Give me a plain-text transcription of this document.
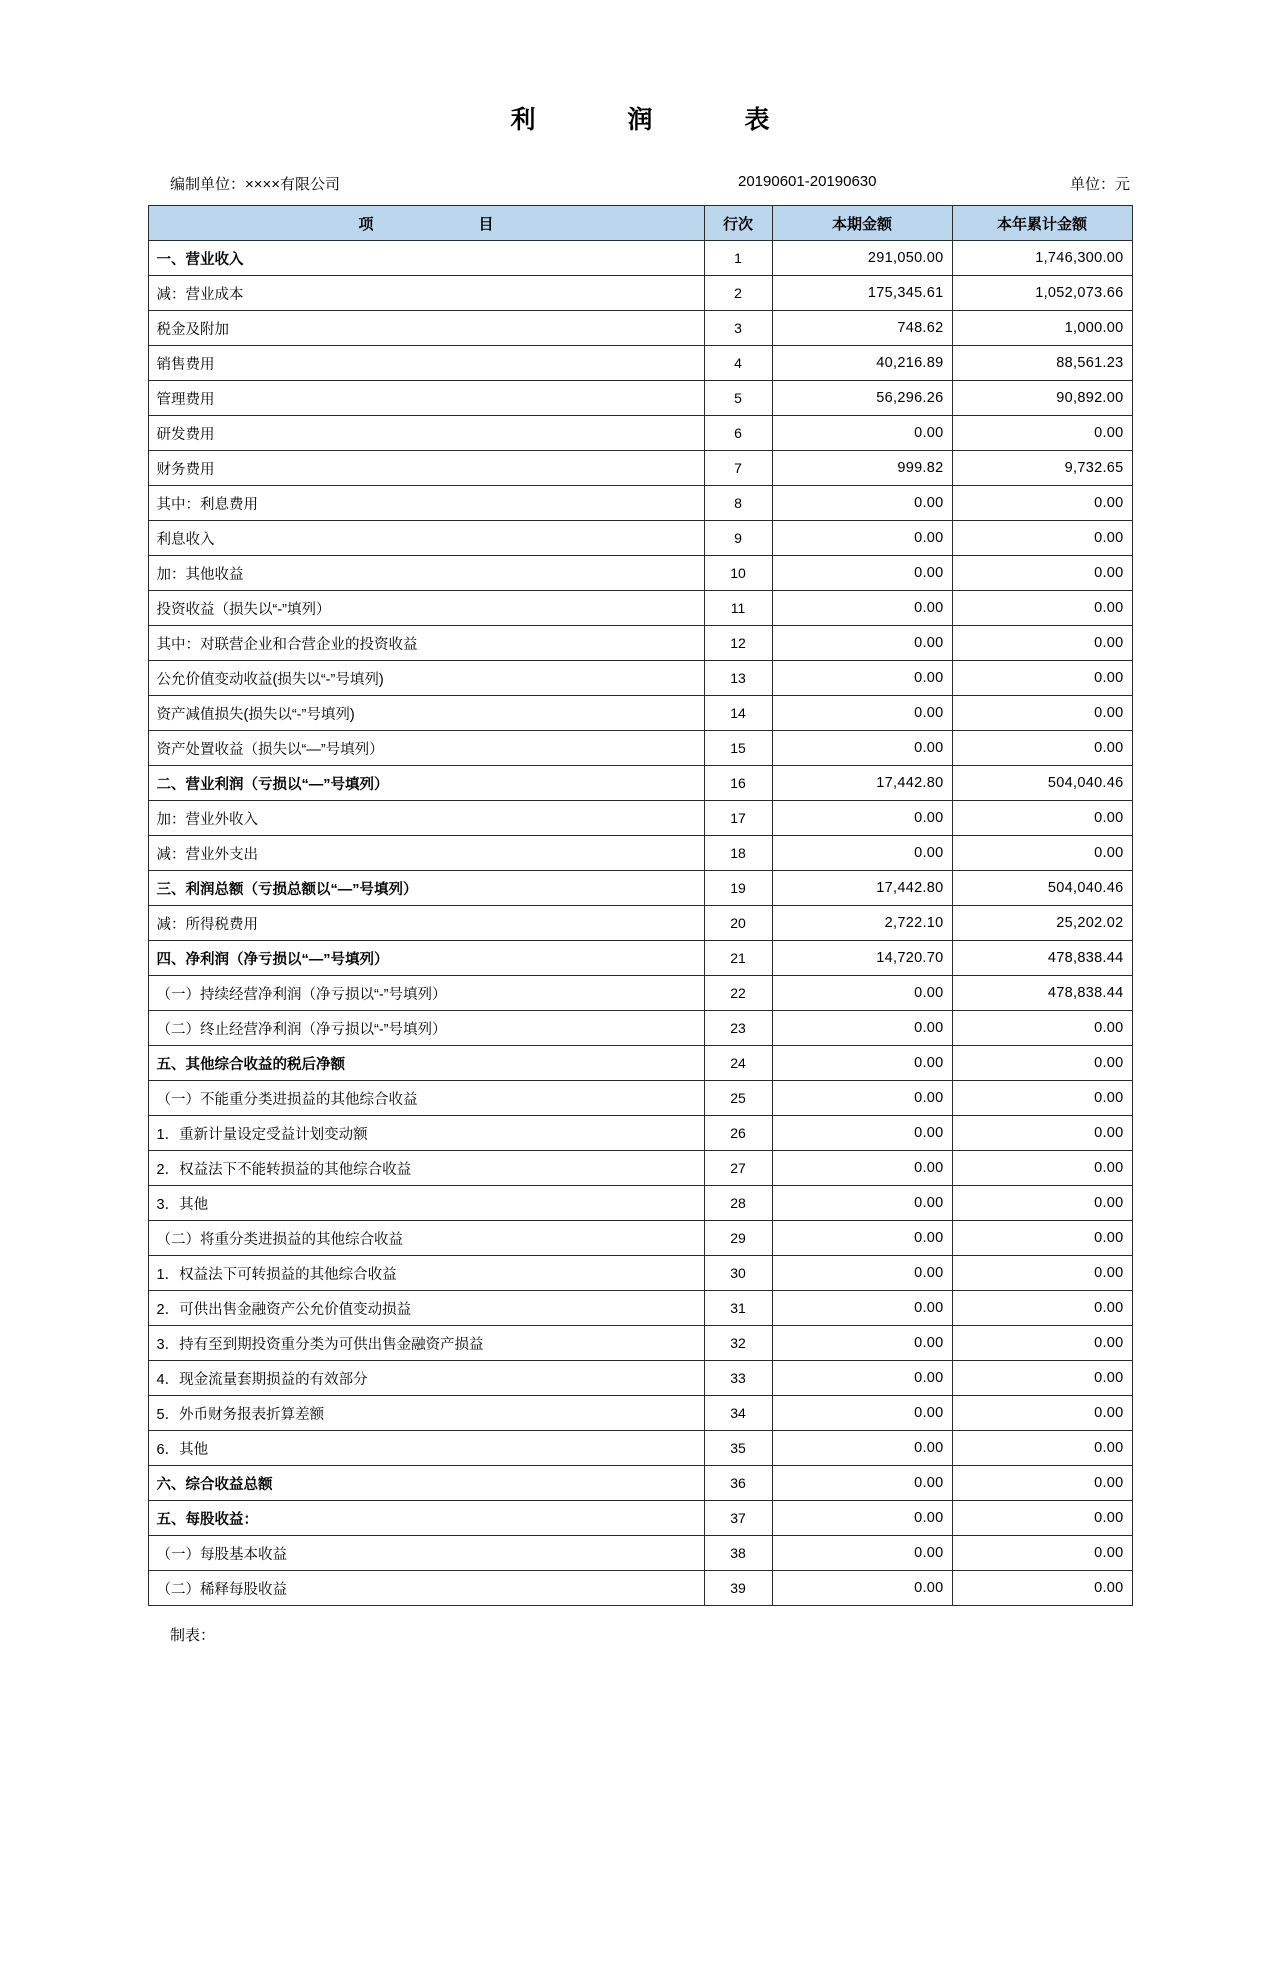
利　　润　　表
编制单位：××××有限公司	20190601-20190630	单位：元
项　　　　　　　目	行次	本期金额	本年累计金额
一、营业收入	1	291,050.00	1,746,300.00
减：营业成本	2	175,345.61	1,052,073.66
税金及附加	3	748.62	1,000.00
销售费用	4	40,216.89	88,561.23
管理费用	5	56,296.26	90,892.00
研发费用	6	0.00	0.00
财务费用	7	999.82	9,732.65
其中：利息费用	8	0.00	0.00
利息收入	9	0.00	0.00
加：其他收益	10	0.00	0.00
投资收益（损失以“-”填列）	11	0.00	0.00
其中：对联营企业和合营企业的投资收益	12	0.00	0.00
公允价值变动收益(损失以“-”号填列)	13	0.00	0.00
资产减值损失(损失以“-”号填列)	14	0.00	0.00
资产处置收益（损失以“—”号填列）	15	0.00	0.00
二、营业利润（亏损以“—”号填列）	16	17,442.80	504,040.46
加：营业外收入	17	0.00	0.00
减：营业外支出	18	0.00	0.00
三、利润总额（亏损总额以“—”号填列）	19	17,442.80	504,040.46
减：所得税费用	20	2,722.10	25,202.02
四、净利润（净亏损以“—”号填列）	21	14,720.70	478,838.44
（一）持续经营净利润（净亏损以“-”号填列）	22	0.00	478,838.44
（二）终止经营净利润（净亏损以“-”号填列）	23	0.00	0.00
五、其他综合收益的税后净额	24	0.00	0.00
（一）不能重分类进损益的其他综合收益	25	0.00	0.00
1．重新计量设定受益计划变动额	26	0.00	0.00
2．权益法下不能转损益的其他综合收益	27	0.00	0.00
3．其他	28	0.00	0.00
（二）将重分类进损益的其他综合收益	29	0.00	0.00
1．权益法下可转损益的其他综合收益	30	0.00	0.00
2．可供出售金融资产公允价值变动损益	31	0.00	0.00
3．持有至到期投资重分类为可供出售金融资产损益	32	0.00	0.00
4．现金流量套期损益的有效部分	33	0.00	0.00
5．外币财务报表折算差额	34	0.00	0.00
6．其他	35	0.00	0.00
六、综合收益总额	36	0.00	0.00
五、每股收益：	37	0.00	0.00
（一）每股基本收益	38	0.00	0.00
（二）稀释每股收益	39	0.00	0.00
制表：
